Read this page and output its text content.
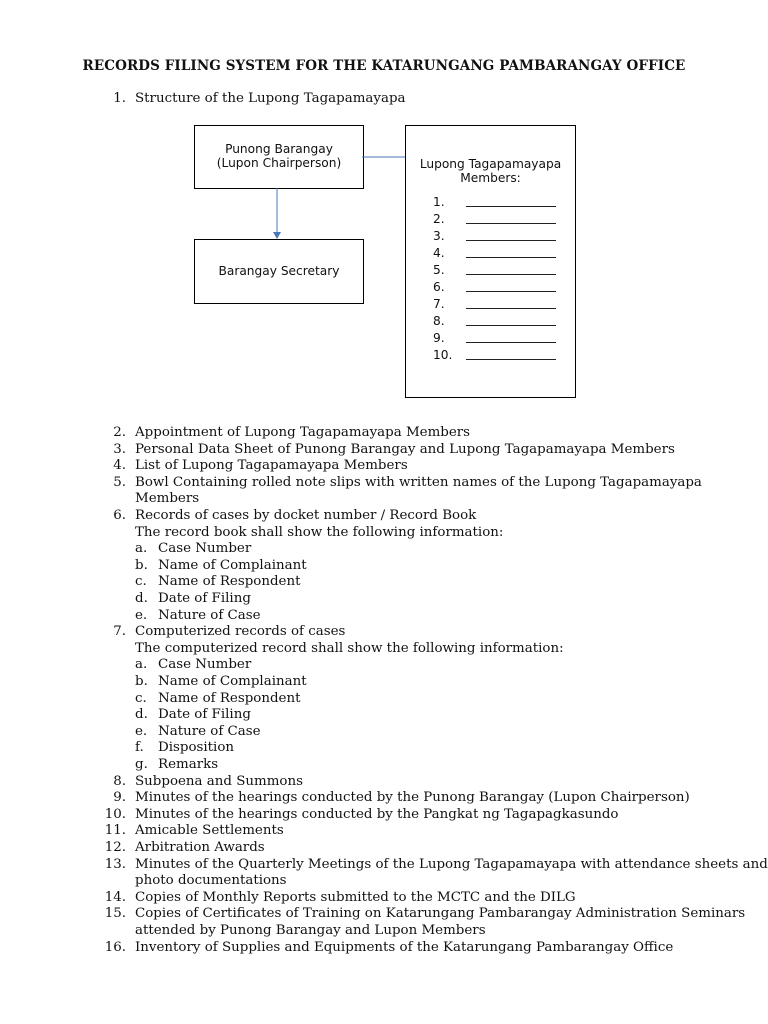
RECORDS FILING SYSTEM FOR THE KATARUNGANG PAMBARANGAY OFFICE
1. Structure of the Lupong Tagapamayapa
Punong Barangay
(Lupon Chairperson)
Barangay Secretary
Lupong Tagapamayapa
Members:
1.
2.
3.
4.
5.
6.
7.
8.
9.
10.
2. Appointment of Lupong Tagapamayapa Members
3. Personal Data Sheet of Punong Barangay and Lupong Tagapamayapa Members
4. List of Lupong Tagapamayapa Members
5. Bowl Containing rolled note slips with written names of the Lupong Tagapamayapa
Members
6. Records of cases by docket number / Record Book
The record book shall show the following information:
a. Case Number
b. Name of Complainant
c. Name of Respondent
d. Date of Filing
e. Nature of Case
7. Computerized records of cases
The computerized record shall show the following information:
a. Case Number
b. Name of Complainant
c. Name of Respondent
d. Date of Filing
e. Nature of Case
f.	Disposition
g. Remarks
8. Subpoena and Summons
9. Minutes of the hearings conducted by the Punong Barangay (Lupon Chairperson)
10. Minutes of the hearings conducted by the Pangkat ng Tagapagkasundo
11. Amicable Settlements
12. Arbitration Awards
13. Minutes of the Quarterly Meetings of the Lupong Tagapamayapa with attendance sheets and
photo documentations
14. Copies of Monthly Reports submitted to the MCTC and the DILG
15. Copies of Certificates of Training on Katarungang Pambarangay Administration Seminars
attended by Punong Barangay and Lupon Members
16. Inventory of Supplies and Equipments of the Katarungang Pambarangay Office
